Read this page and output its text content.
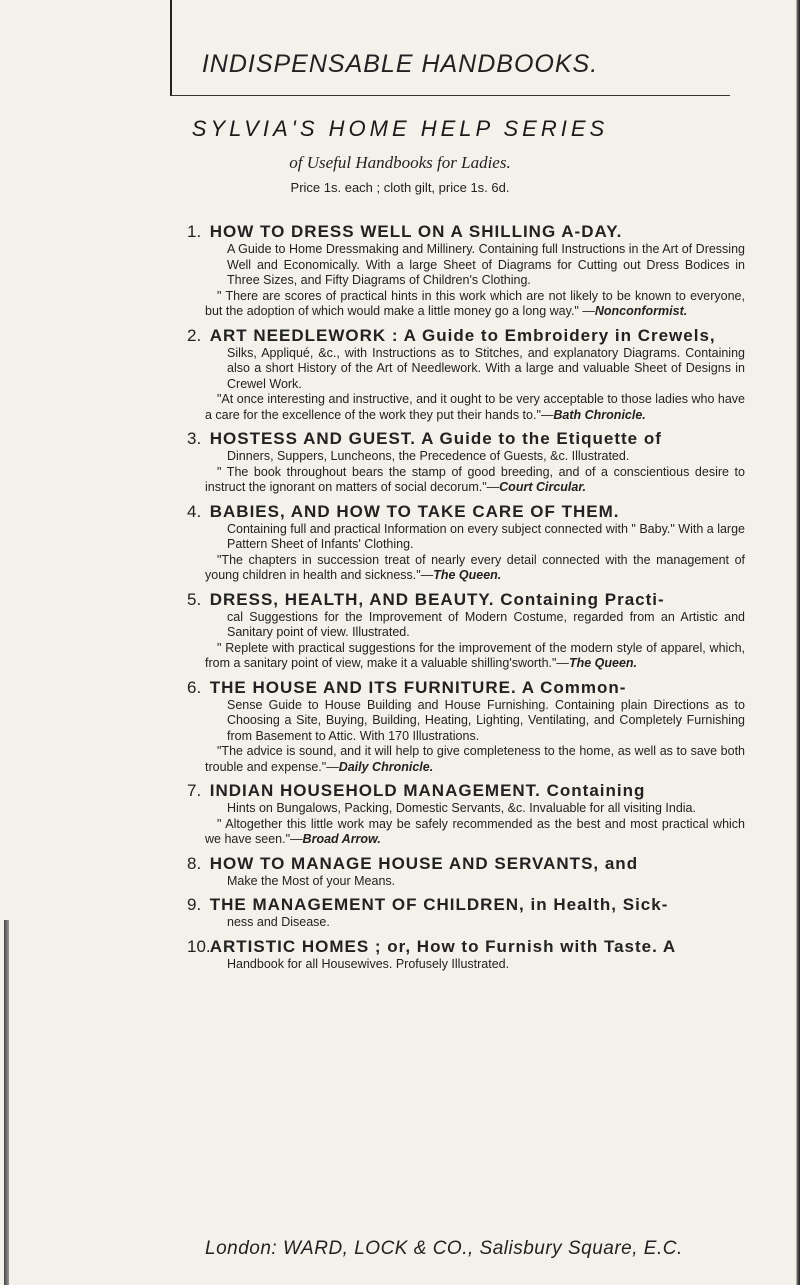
INDISPENSABLE HANDBOOKS.
SYLVIA'S HOME HELP SERIES
of Useful Handbooks for Ladies.
Price 1s. each ; cloth gilt, price 1s. 6d.
1. HOW TO DRESS WELL ON A SHILLING A-DAY.
A Guide to Home Dressmaking and Millinery. Containing full Instructions in the Art of Dressing Well and Economically. With a large Sheet of Diagrams for Cutting out Dress Bodices in Three Sizes, and Fifty Diagrams of Children's Clothing.
" There are scores of practical hints in this work which are not likely to be known to everyone, but the adoption of which would make a little money go a long way." —Nonconformist.
2. ART NEEDLEWORK : A Guide to Embroidery in Crewels,
Silks, Appliqué, &c., with Instructions as to Stitches, and explanatory Diagrams. Containing also a short History of the Art of Needlework. With a large and valuable Sheet of Designs in Crewel Work.
"At once interesting and instructive, and it ought to be very acceptable to those ladies who have a care for the excellence of the work they put their hands to."—Bath Chronicle.
3. HOSTESS AND GUEST. A Guide to the Etiquette of
Dinners, Suppers, Luncheons, the Precedence of Guests, &c. Illustrated.
" The book throughout bears the stamp of good breeding, and of a conscientious desire to instruct the ignorant on matters of social decorum."—Court Circular.
4. BABIES, AND HOW TO TAKE CARE OF THEM.
Containing full and practical Information on every subject connected with " Baby." With a large Pattern Sheet of Infants' Clothing.
"The chapters in succession treat of nearly every detail connected with the management of young children in health and sickness."—The Queen.
5. DRESS, HEALTH, AND BEAUTY. Containing Practi-
cal Suggestions for the Improvement of Modern Costume, regarded from an Artistic and Sanitary point of view. Illustrated.
" Replete with practical suggestions for the improvement of the modern style of apparel, which, from a sanitary point of view, make it a valuable shilling'sworth."—The Queen.
6. THE HOUSE AND ITS FURNITURE. A Common-
Sense Guide to House Building and House Furnishing. Containing plain Directions as to Choosing a Site, Buying, Building, Heating, Lighting, Ventilating, and Completely Furnishing from Basement to Attic. With 170 Illustrations.
"The advice is sound, and it will help to give completeness to the home, as well as to save both trouble and expense."—Daily Chronicle.
7. INDIAN HOUSEHOLD MANAGEMENT. Containing
Hints on Bungalows, Packing, Domestic Servants, &c. Invaluable for all visiting India.
" Altogether this little work may be safely recommended as the best and most practical which we have seen."—Broad Arrow.
8. HOW TO MANAGE HOUSE AND SERVANTS, and
Make the Most of your Means.
9. THE MANAGEMENT OF CHILDREN, in Health, Sick-
ness and Disease.
10. ARTISTIC HOMES ; or, How to Furnish with Taste. A
Handbook for all Housewives. Profusely Illustrated.
London: WARD, LOCK & CO., Salisbury Square, E.C.
